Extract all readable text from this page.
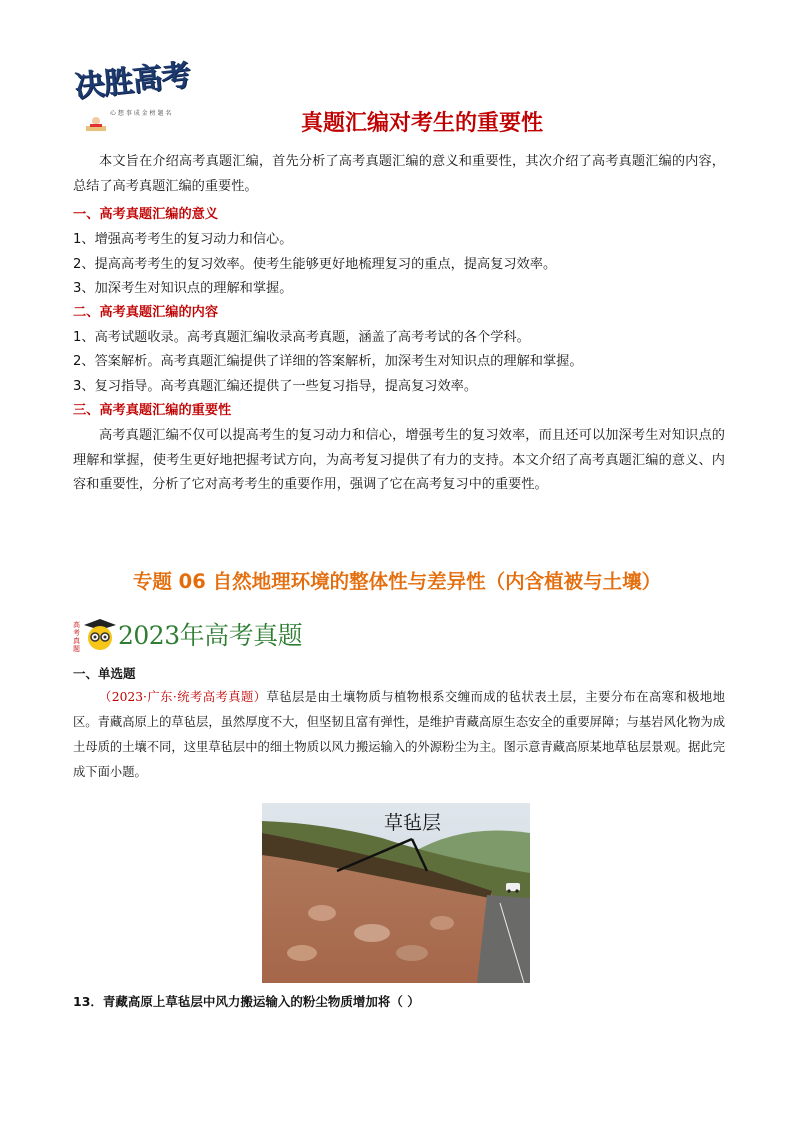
决胜高考
心 想 事 成 金 榜 题 名	真题汇编对考生的重要性
本文旨在介绍高考真题汇编，首先分析了高考真题汇编的意义和重要性，其次介绍了高考真题汇编的内容，总结了高考真题汇编的重要性。
一、高考真题汇编的意义
1、增强高考考生的复习动力和信心。
2、提高高考考生的复习效率。使考生能够更好地梳理复习的重点，提高复习效率。
3、加深考生对知识点的理解和掌握。
二、高考真题汇编的内容
1、高考试题收录。高考真题汇编收录高考真题，涵盖了高考考试的各个学科。
2、答案解析。高考真题汇编提供了详细的答案解析，加深考生对知识点的理解和掌握。
3、复习指导。高考真题汇编还提供了一些复习指导，提高复习效率。
三、高考真题汇编的重要性
高考真题汇编不仅可以提高考生的复习动力和信心，增强考生的复习效率，而且还可以加深考生对知识点的理解和掌握，使考生更好地把握考试方向，为高考复习提供了有力的支持。本文介绍了高考真题汇编的意义、内容和重要性，分析了它对高考考生的重要作用，强调了它在高考复习中的重要性。
专题 06 自然地理环境的整体性与差异性（内含植被与土壤）
高
考
真
题 2023年高考真题
一、单选题
（2023·广东·统考高考真题）草毡层是由土壤物质与植物根系交缠而成的毡状表土层，主要分布在高寒和极地地区。青藏高原上的草毡层，虽然厚度不大，但坚韧且富有弹性，是维护青藏高原生态安全的重要屏障；与基岩风化物为成土母质的土壤不同，这里草毡层中的细土物质以风力搬运输入的外源粉尘为主。图示意青藏高原某地草毡层景观。据此完成下面小题。
草毡层
13．青藏高原上草毡层中风力搬运输入的粉尘物质增加将（ ）
